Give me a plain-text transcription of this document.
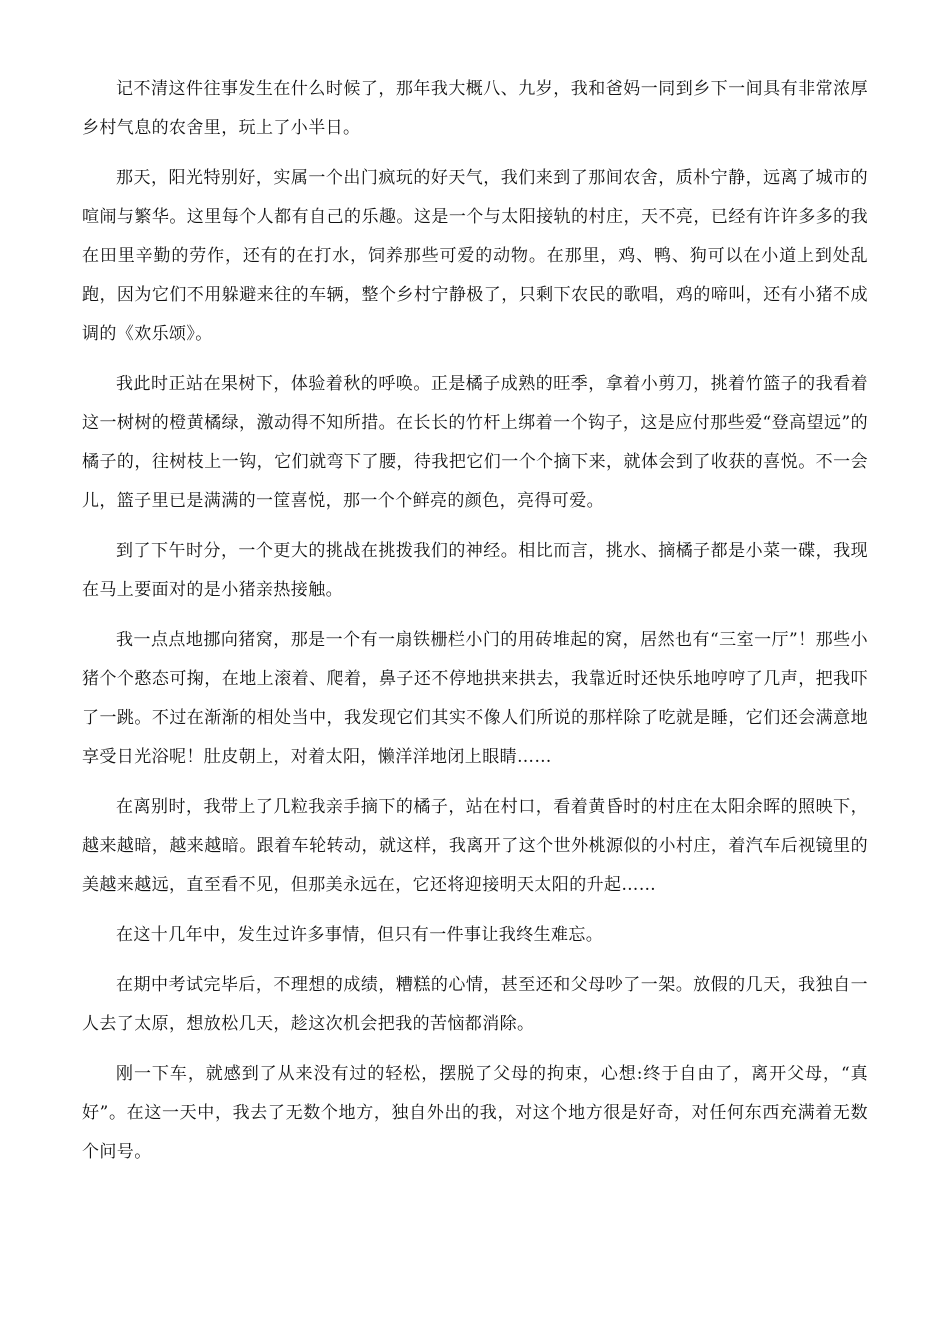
记不清这件往事发生在什么时候了，那年我大概八、九岁，我和爸妈一同到乡下一间具有非常浓厚乡村气息的农舍里，玩上了小半日。

那天，阳光特别好，实属一个出门疯玩的好天气，我们来到了那间农舍，质朴宁静，远离了城市的喧闹与繁华。这里每个人都有自己的乐趣。这是一个与太阳接轨的村庄，天不亮，已经有许许多多的我在田里辛勤的劳作，还有的在打水，饲养那些可爱的动物。在那里，鸡、鸭、狗可以在小道上到处乱跑，因为它们不用躲避来往的车辆，整个乡村宁静极了，只剩下农民的歌唱，鸡的啼叫，还有小猪不成调的《欢乐颂》。

我此时正站在果树下，体验着秋的呼唤。正是橘子成熟的旺季，拿着小剪刀，挑着竹篮子的我看着这一树树的橙黄橘绿，激动得不知所措。在长长的竹杆上绑着一个钩子，这是应付那些爱“登高望远”的橘子的，往树枝上一钩，它们就弯下了腰，待我把它们一个个摘下来，就体会到了收获的喜悦。不一会儿，篮子里已是满满的一筐喜悦，那一个个鲜亮的颜色，亮得可爱。

到了下午时分，一个更大的挑战在挑拨我们的神经。相比而言，挑水、摘橘子都是小菜一碟，我现在马上要面对的是小猪亲热接触。

我一点点地挪向猪窝，那是一个有一扇铁栅栏小门的用砖堆起的窝，居然也有“三室一厅”！那些小猪个个憨态可掬，在地上滚着、爬着，鼻子还不停地拱来拱去，我靠近时还快乐地哼哼了几声，把我吓了一跳。不过在渐渐的相处当中，我发现它们其实不像人们所说的那样除了吃就是睡，它们还会满意地享受日光浴呢！肚皮朝上，对着太阳，懒洋洋地闭上眼睛……

在离别时，我带上了几粒我亲手摘下的橘子，站在村口，看着黄昏时的村庄在太阳余晖的照映下，越来越暗，越来越暗。跟着车轮转动，就这样，我离开了这个世外桃源似的小村庄，着汽车后视镜里的美越来越远，直至看不见，但那美永远在，它还将迎接明天太阳的升起……

在这十几年中，发生过许多事情，但只有一件事让我终生难忘。

在期中考试完毕后，不理想的成绩，糟糕的心情，甚至还和父母吵了一架。放假的几天，我独自一人去了太原，想放松几天，趁这次机会把我的苦恼都消除。

刚一下车，就感到了从来没有过的轻松，摆脱了父母的拘束，心想:终于自由了，离开父母，“真好”。在这一天中，我去了无数个地方，独自外出的我，对这个地方很是好奇，对任何东西充满着无数个问号。
